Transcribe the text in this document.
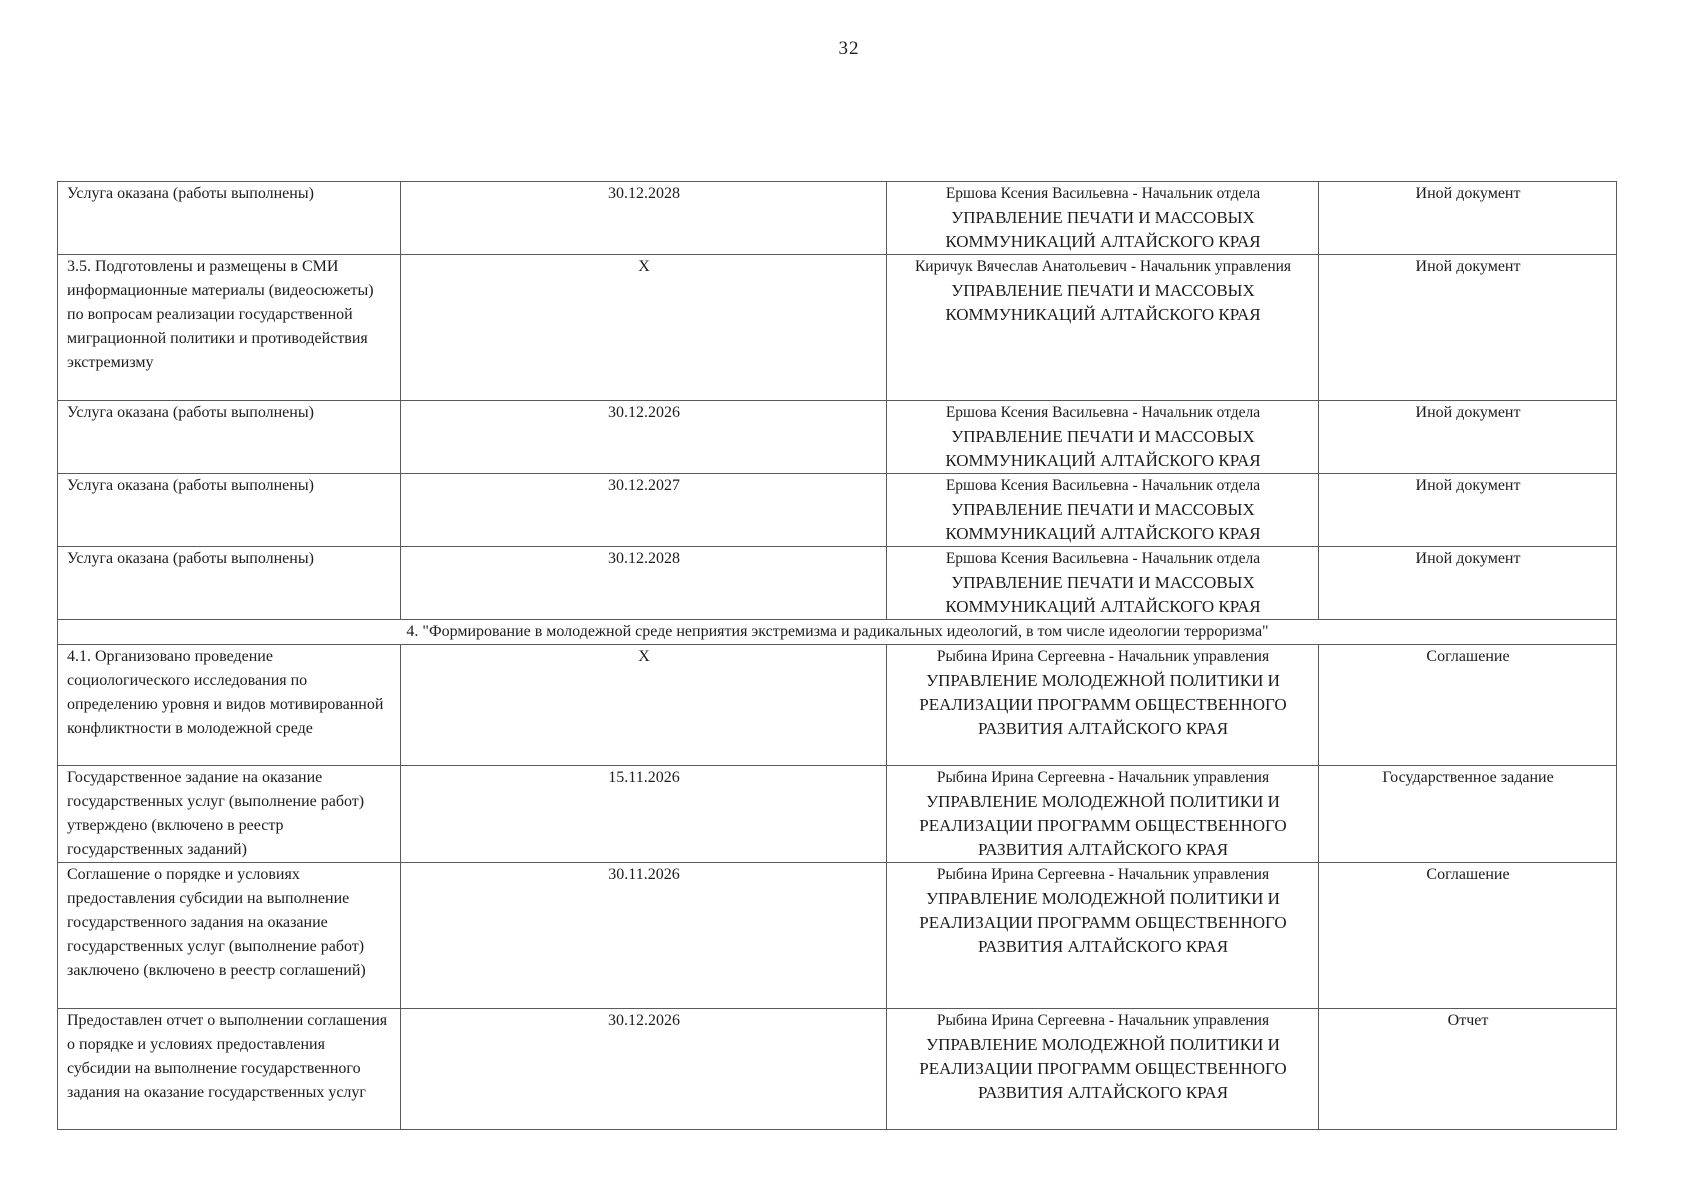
32
Услуга оказана (работы выполнены)	30.12.2028	Ершова Ксения Васильевна - Начальник отдела
УПРАВЛЕНИЕ ПЕЧАТИ И МАССОВЫХ КОММУНИКАЦИЙ АЛТАЙСКОГО КРАЯ	Иной документ

3.5. Подготовлены и размещены в СМИ информационные материалы (видеосюжеты) по вопросам реализации государственной миграционной политики и противодействия экстремизму	Х	Киричук Вячеслав Анатольевич - Начальник управления
УПРАВЛЕНИЕ ПЕЧАТИ И МАССОВЫХ КОММУНИКАЦИЙ АЛТАЙСКОГО КРАЯ	Иной документ

Услуга оказана (работы выполнены)	30.12.2026	Ершова Ксения Васильевна - Начальник отдела
УПРАВЛЕНИЕ ПЕЧАТИ И МАССОВЫХ КОММУНИКАЦИЙ АЛТАЙСКОГО КРАЯ	Иной документ

Услуга оказана (работы выполнены)	30.12.2027	Ершова Ксения Васильевна - Начальник отдела
УПРАВЛЕНИЕ ПЕЧАТИ И МАССОВЫХ КОММУНИКАЦИЙ АЛТАЙСКОГО КРАЯ	Иной документ

Услуга оказана (работы выполнены)	30.12.2028	Ершова Ксения Васильевна - Начальник отдела
УПРАВЛЕНИЕ ПЕЧАТИ И МАССОВЫХ КОММУНИКАЦИЙ АЛТАЙСКОГО КРАЯ	Иной документ

4. "Формирование в молодежной среде неприятия экстремизма и радикальных идеологий, в том числе идеологии терроризма"			

4.1. Организовано проведение социологического исследования по определению уровня и видов мотивированной конфликтности в молодежной среде	Х	Рыбина Ирина Сергеевна - Начальник управления
УПРАВЛЕНИЕ МОЛОДЕЖНОЙ ПОЛИТИКИ И РЕАЛИЗАЦИИ ПРОГРАММ ОБЩЕСТВЕННОГО РАЗВИТИЯ АЛТАЙСКОГО КРАЯ	Соглашение

Государственное задание на оказание государственных услуг (выполнение работ) утверждено (включено в реестр государственных заданий)	15.11.2026	Рыбина Ирина Сергеевна - Начальник управления
УПРАВЛЕНИЕ МОЛОДЕЖНОЙ ПОЛИТИКИ И РЕАЛИЗАЦИИ ПРОГРАММ ОБЩЕСТВЕННОГО РАЗВИТИЯ АЛТАЙСКОГО КРАЯ	Государственное задание

Соглашение о порядке и условиях предоставления субсидии на выполнение государственного задания на оказание государственных услуг (выполнение работ) заключено (включено в реестр соглашений)	30.11.2026	Рыбина Ирина Сергеевна - Начальник управления
УПРАВЛЕНИЕ МОЛОДЕЖНОЙ ПОЛИТИКИ И РЕАЛИЗАЦИИ ПРОГРАММ ОБЩЕСТВЕННОГО РАЗВИТИЯ АЛТАЙСКОГО КРАЯ	Соглашение

Предоставлен отчет о выполнении соглашения о порядке и условиях предоставления субсидии на выполнение государственного задания на оказание государственных услуг	30.12.2026	Рыбина Ирина Сергеевна - Начальник управления
УПРАВЛЕНИЕ МОЛОДЕЖНОЙ ПОЛИТИКИ И РЕАЛИЗАЦИИ ПРОГРАММ ОБЩЕСТВЕННОГО РАЗВИТИЯ АЛТАЙСКОГО КРАЯ	Отчет
